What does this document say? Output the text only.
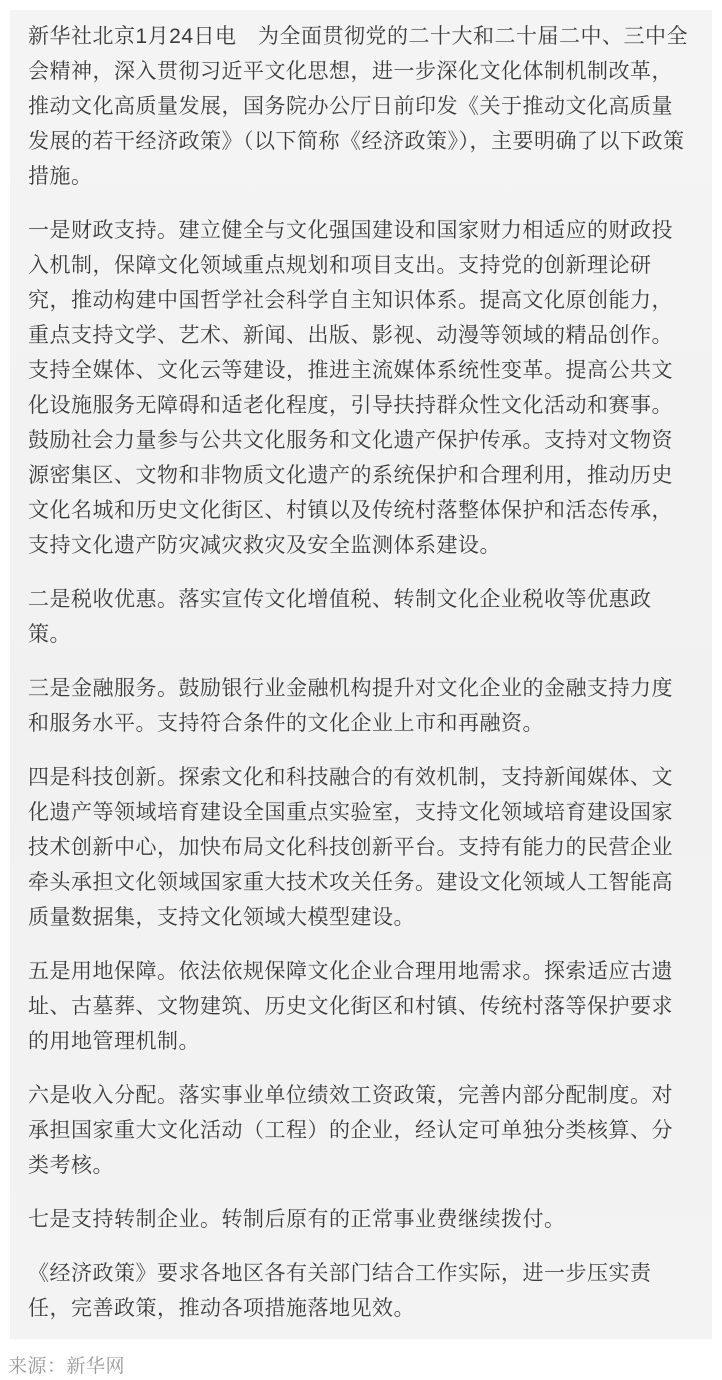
新华社北京1月24日电　为全面贯彻党的二十大和二十届二中、三中全会精神，深入贯彻习近平文化思想，进一步深化文化体制机制改革，推动文化高质量发展，国务院办公厅日前印发《关于推动文化高质量发展的若干经济政策》（以下简称《经济政策》），主要明确了以下政策措施。

一是财政支持。建立健全与文化强国建设和国家财力相适应的财政投入机制，保障文化领域重点规划和项目支出。支持党的创新理论研究，推动构建中国哲学社会科学自主知识体系。提高文化原创能力，重点支持文学、艺术、新闻、出版、影视、动漫等领域的精品创作。支持全媒体、文化云等建设，推进主流媒体系统性变革。提高公共文化设施服务无障碍和适老化程度，引导扶持群众性文化活动和赛事。鼓励社会力量参与公共文化服务和文化遗产保护传承。支持对文物资源密集区、文物和非物质文化遗产的系统保护和合理利用，推动历史文化名城和历史文化街区、村镇以及传统村落整体保护和活态传承，支持文化遗产防灾减灾救灾及安全监测体系建设。

二是税收优惠。落实宣传文化增值税、转制文化企业税收等优惠政策。

三是金融服务。鼓励银行业金融机构提升对文化企业的金融支持力度和服务水平。支持符合条件的文化企业上市和再融资。

四是科技创新。探索文化和科技融合的有效机制，支持新闻媒体、文化遗产等领域培育建设全国重点实验室，支持文化领域培育建设国家技术创新中心，加快布局文化科技创新平台。支持有能力的民营企业牵头承担文化领域国家重大技术攻关任务。建设文化领域人工智能高质量数据集，支持文化领域大模型建设。

五是用地保障。依法依规保障文化企业合理用地需求。探索适应古遗址、古墓葬、文物建筑、历史文化街区和村镇、传统村落等保护要求的用地管理机制。

六是收入分配。落实事业单位绩效工资政策，完善内部分配制度。对承担国家重大文化活动（工程）的企业，经认定可单独分类核算、分类考核。

七是支持转制企业。转制后原有的正常事业费继续拨付。

《经济政策》要求各地区各有关部门结合工作实际，进一步压实责任，完善政策，推动各项措施落地见效。

来源：新华网
